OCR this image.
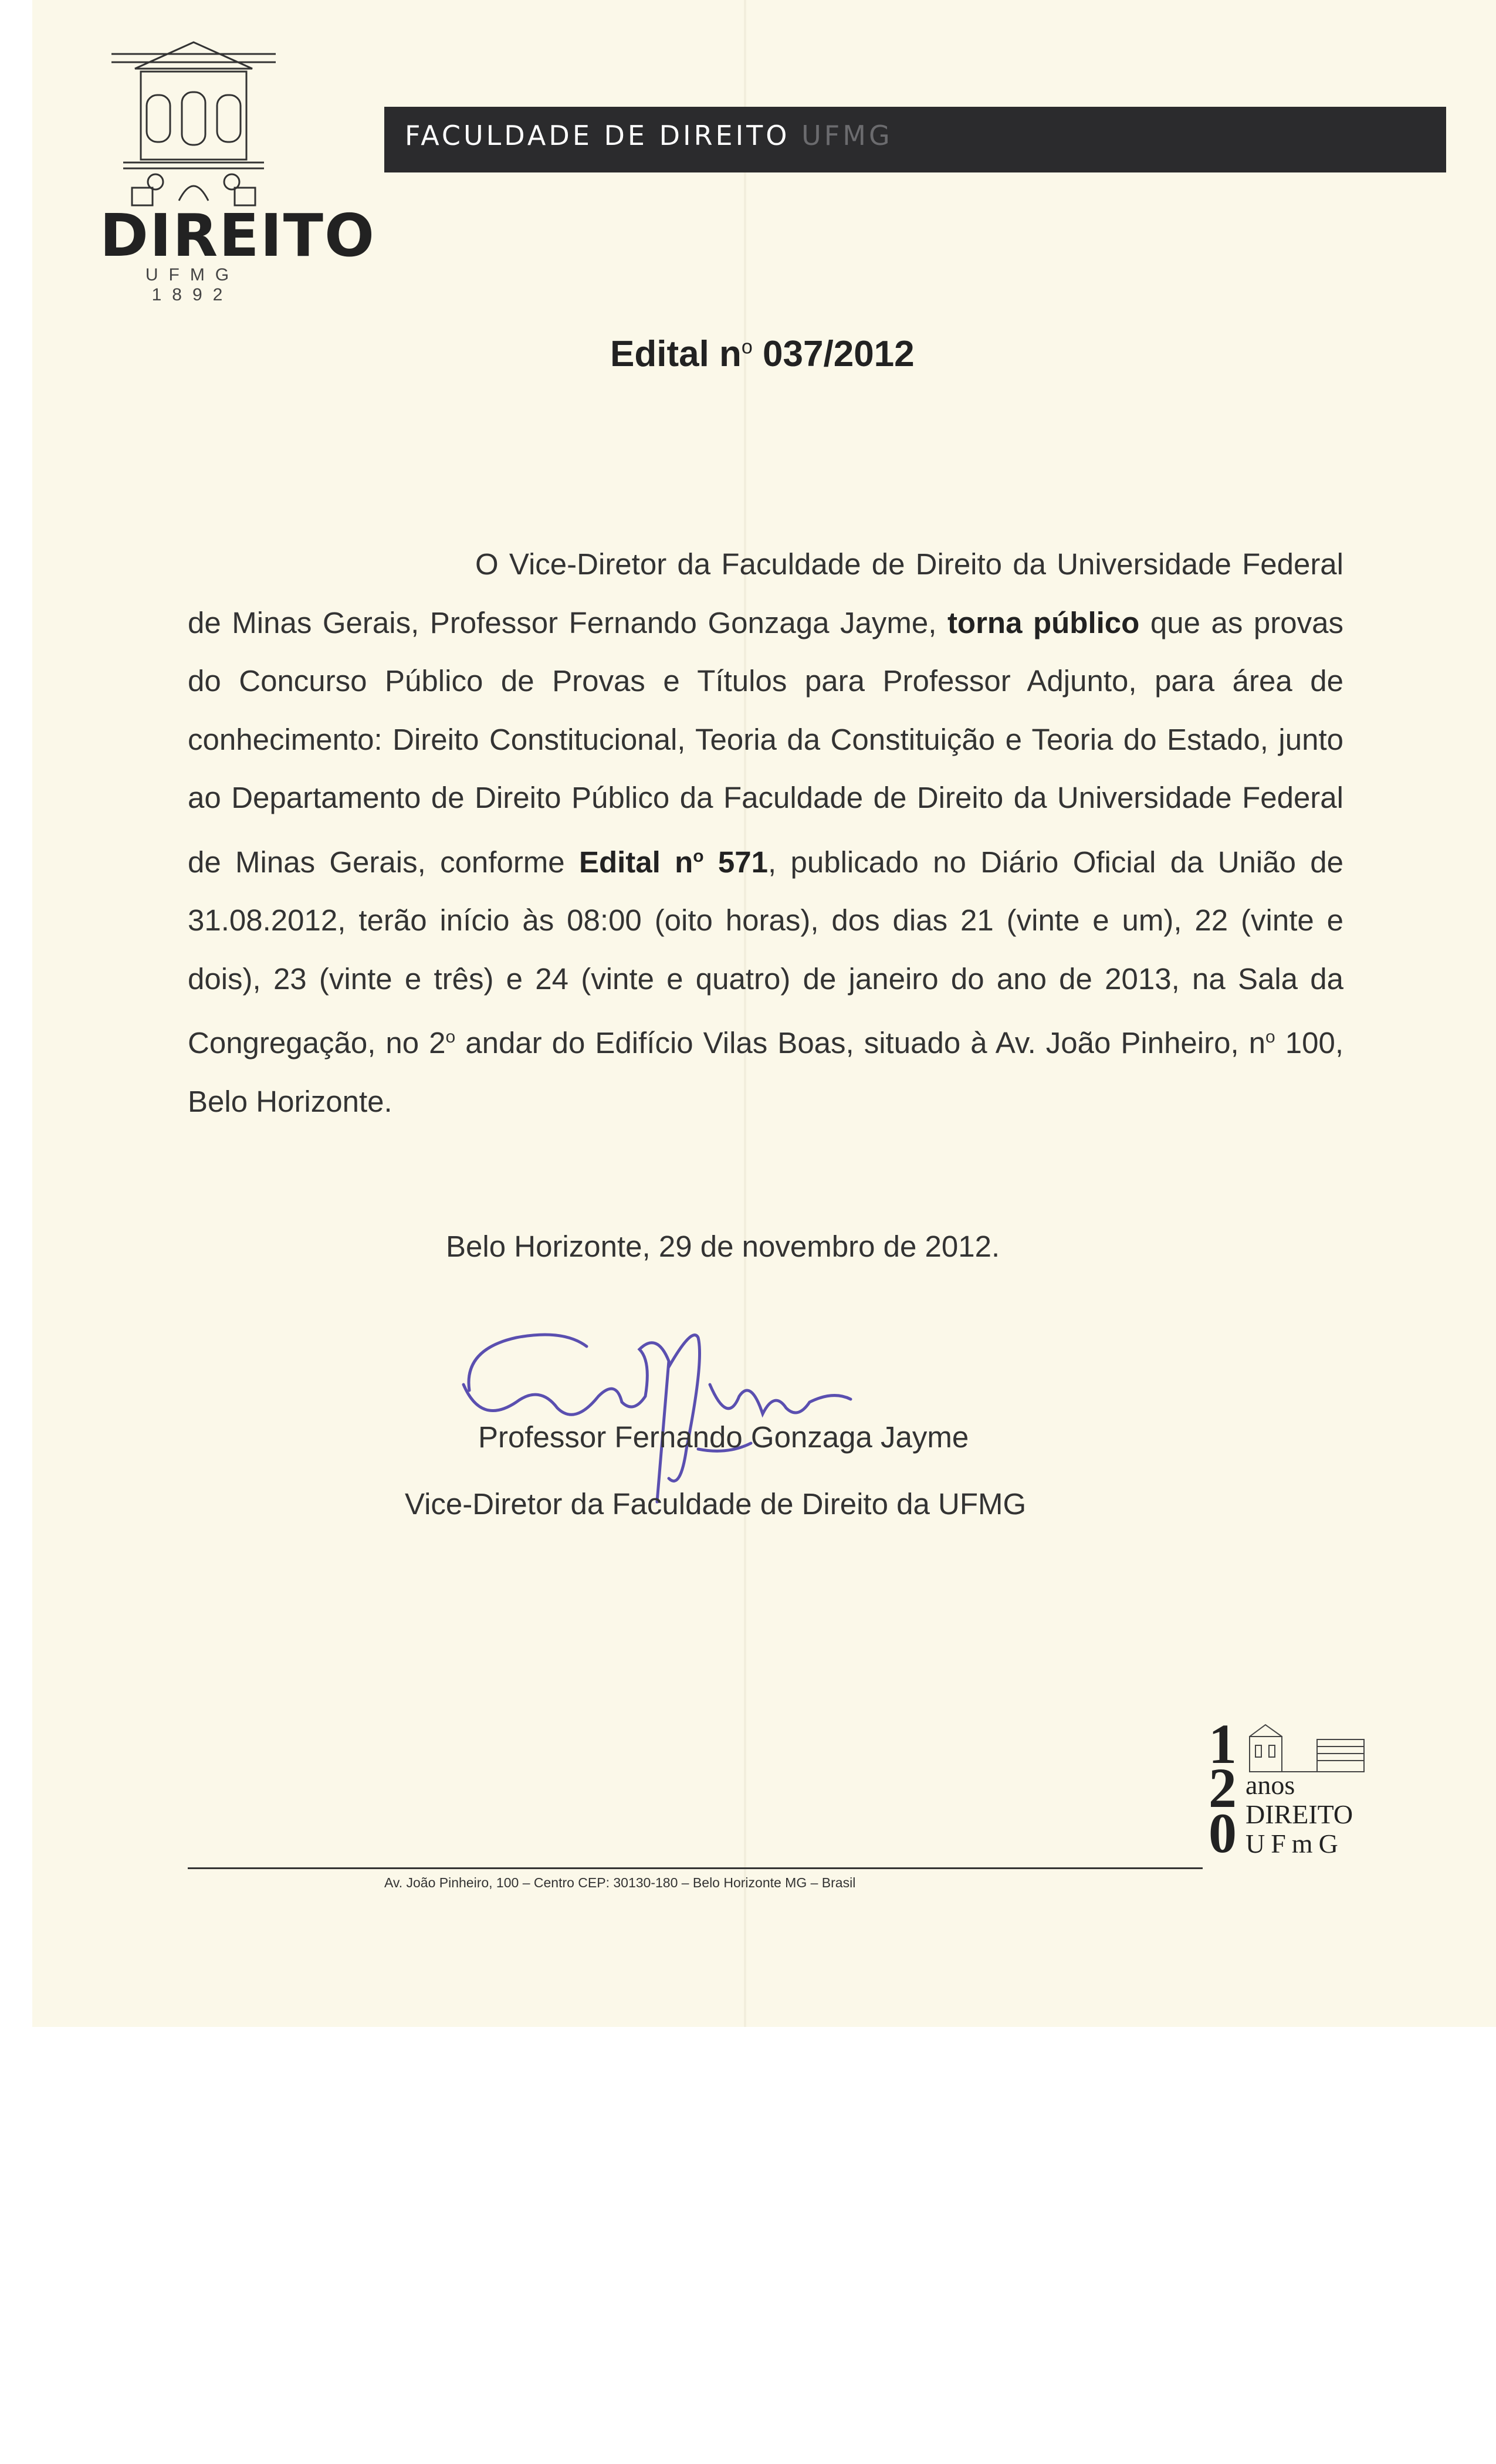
DIREITO
UFMG 1892
FACULDADE DE DIREITO UFMG
Edital $n^o$ 037/2012
O Vice-Diretor da Faculdade de Direito da Universidade Federal de Minas Gerais, Professor Fernando Gonzaga Jayme, torna público que as provas do Concurso Público de Provas e Títulos para Professor Adjunto, para área de conhecimento: Direito Constitucional, Teoria da Constituição e Teoria do Estado, junto ao Departamento de Direito Público da Faculdade de Direito da Universidade Federal de Minas Gerais, conforme Edital $n^o$ 571, publicado no Diário Oficial da União de 31.08.2012, terão início às 08:00 (oito horas), dos dias 21 (vinte e um), 22 (vinte e dois), 23 (vinte e três) e 24 (vinte e quatro) de janeiro do ano de 2013, na Sala da Congregação, no 2$^o$ andar do Edifício Vilas Boas, situado à Av. João Pinheiro, $n^o$ 100, Belo Horizonte.
Belo Horizonte, 29 de novembro de 2012.
Professor Fernando Gonzaga Jayme
Vice-Diretor da Faculdade de Direito da UFMG
1
2
0
anos
DIREITO
UFmG
Av. João Pinheiro, 100 – Centro CEP: 30130-180 – Belo Horizonte MG – Brasil
